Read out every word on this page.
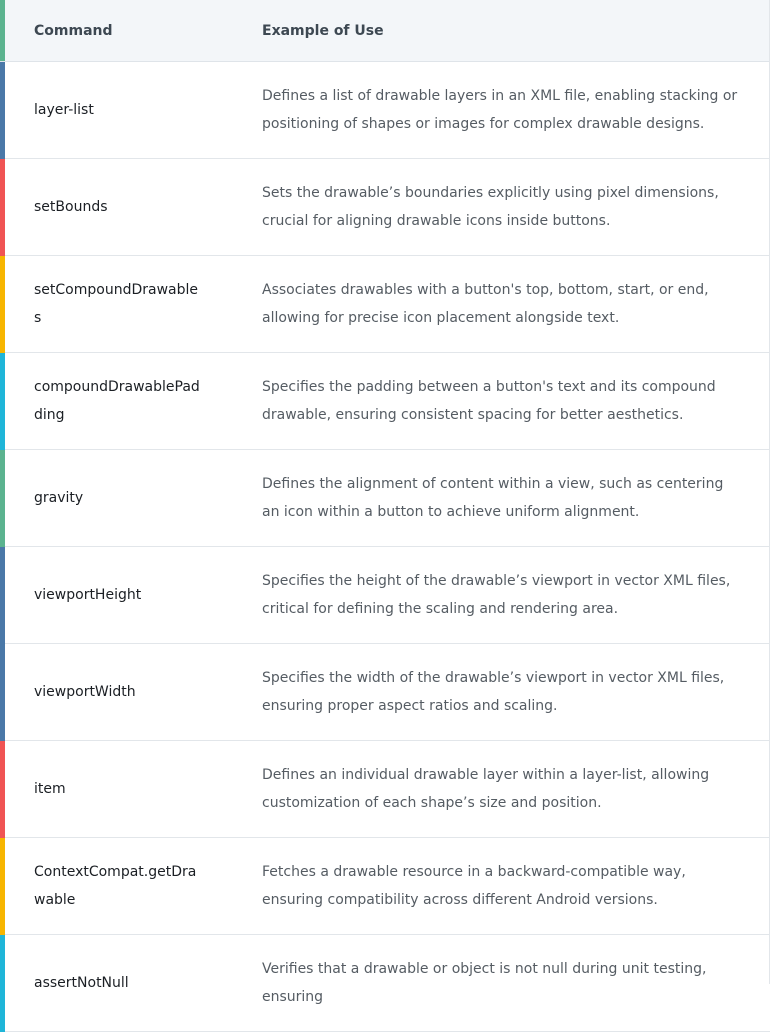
Command	Example of Use
layer-list
Defines a list of drawable layers in an XML file, enabling stacking or positioning of shapes or images for complex drawable designs.
setBounds
Sets the drawable’s boundaries explicitly using pixel dimensions, crucial for aligning drawable icons inside buttons.
setCompoundDrawables
Associates drawables with a button's top, bottom, start, or end, allowing for precise icon placement alongside text.
compoundDrawablePadding
Specifies the padding between a button's text and its compound drawable, ensuring consistent spacing for better aesthetics.
gravity
Defines the alignment of content within a view, such as centering an icon within a button to achieve uniform alignment.
viewportHeight
Specifies the height of the drawable’s viewport in vector XML files, critical for defining the scaling and rendering area.
viewportWidth
Specifies the width of the drawable’s viewport in vector XML files, ensuring proper aspect ratios and scaling.
item
Defines an individual drawable layer within a layer-list, allowing customization of each shape’s size and position.
ContextCompat.getDrawable
Fetches a drawable resource in a backward-compatible way, ensuring compatibility across different Android versions.
assertNotNull
Verifies that a drawable or object is not null during unit testing, ensuring
